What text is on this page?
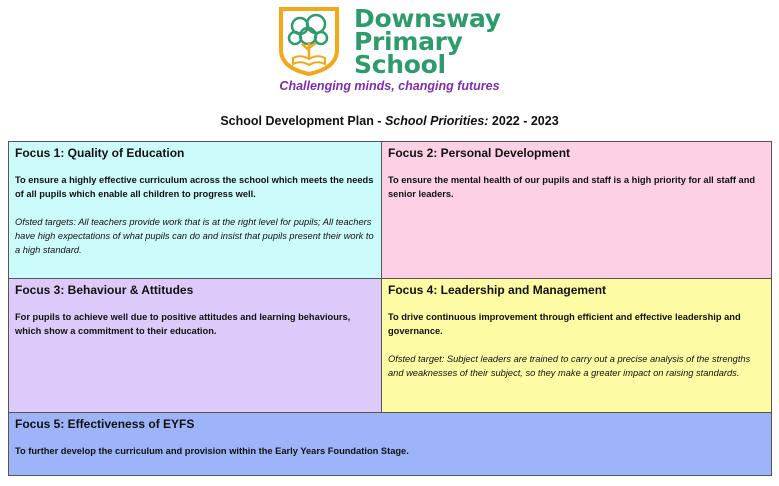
Downsway
Primary
School
Challenging minds, changing futures
School Development Plan - School Priorities: 2022 - 2023
Focus 1: Quality of Education
To ensure a highly effective curriculum across the school which meets the needs of all pupils which enable all children to progress well.
Ofsted targets: All teachers provide work that is at the right level for pupils; All teachers have high expectations of what pupils can do and insist that pupils present their work to a high standard.
Focus 2: Personal Development
To ensure the mental health of our pupils and staff is a high priority for all staff and senior leaders.
Focus 3: Behaviour & Attitudes
For pupils to achieve well due to positive attitudes and learning behaviours, which show a commitment to their education.
Focus 4: Leadership and Management
To drive continuous improvement through efficient and effective leadership and governance.
Ofsted target: Subject leaders are trained to carry out a precise analysis of the strengths and weaknesses of their subject, so they make a greater impact on raising standards.
Focus 5: Effectiveness of EYFS
To further develop the curriculum and provision within the Early Years Foundation Stage.
